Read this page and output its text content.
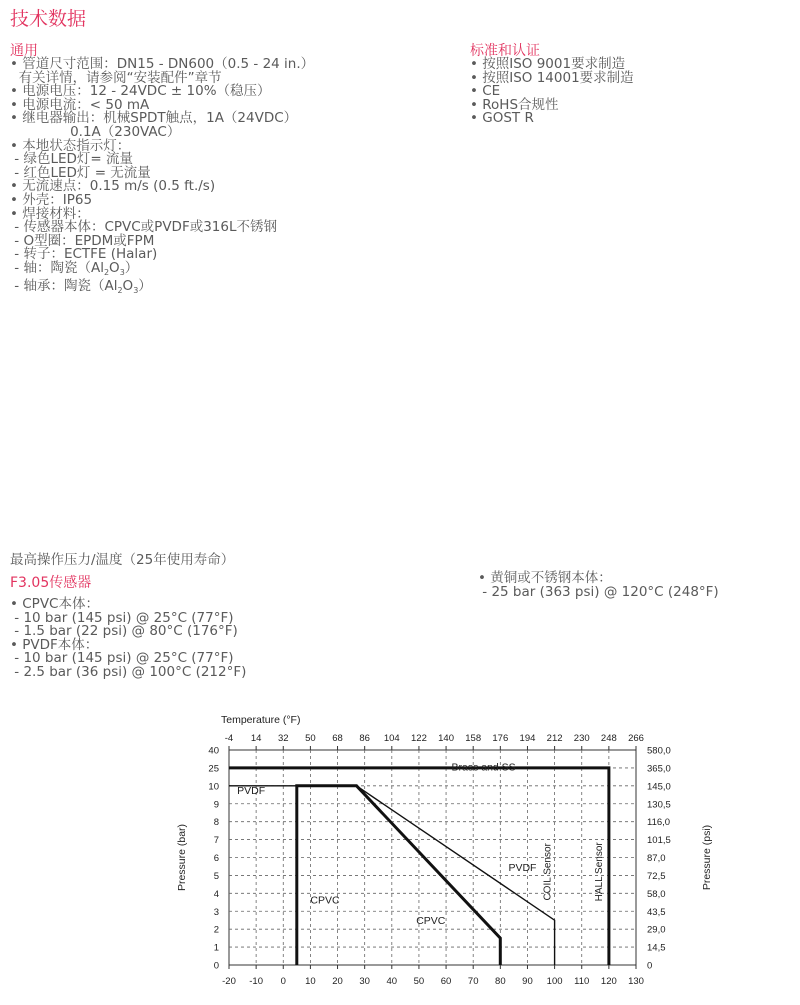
技术数据
通用
• 管道尺寸范围：DN15 - DN600（0.5 - 24 in.）
有关详情，请参阅“安装配件”章节
• 电源电压：12 - 24VDC ± 10%（稳压）
• 电源电流：< 50 mA
• 继电器输出：机械SPDT触点，1A（24VDC）
0.1A（230VAC）
• 本地状态指示灯：
- 绿色LED灯= 流量
- 红色LED灯 = 无流量
• 无流速点：0.15 m/s (0.5 ft./s)
• 外壳：IP65
• 焊接材料：
- 传感器本体：CPVC或PVDF或316L不锈钢
- O型圈：EPDM或FPM
- 转子：ECTFE (Halar)
- 轴：陶瓷$(Al_2O_3)$
- 轴承：陶瓷$(Al_2O_3)$
标准和认证
• 按照ISO 9001要求制造
• 按照ISO 14001要求制造
• CE
• RoHS合规性
• GOST R
最高操作压力/温度（25年使用寿命）
F3.05传感器
• CPVC本体：
- 10 bar (145 psi) @ 25°C (77°F)
- 1.5 bar (22 psi) @ 80°C (176°F)
• PVDF本体：
- 10 bar (145 psi) @ 25°C (77°F)
- 2.5 bar (36 psi) @ 100°C (212°F)
• 黄铜或不锈钢本体：
- 25 bar (363 psi) @ 120°C (248°F)
-4 14 32 50 68 86 104 122 140 158 176 194 212 230 248 266
-20 -10 0 10 20 30 40 50 60 70 80 90 100 110 120 130
0
1
2
3
4
5
6
7
8
9
10
25
40
0
14,5
29,0
43,5
58,0
72,5
87,0
101,5
116,0
130,5
145,0
365,0
580,0
Temperature (°F)
Pressure (bar)	Pressure (psi)
PVDF
CPVC
CPVC
PVDF
Brass and SS
COIL Sensor	HALL Sensor
